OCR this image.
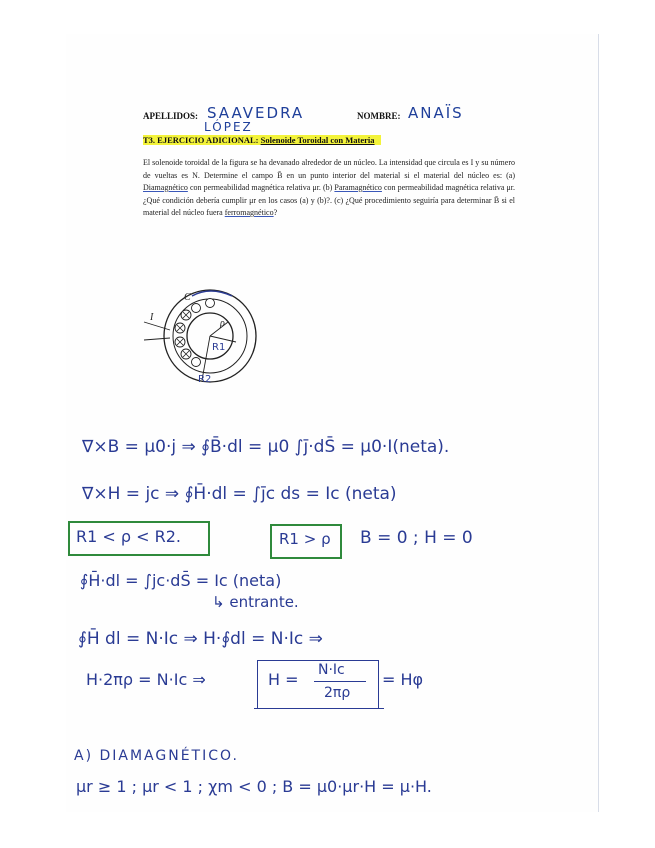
APELLIDOS: SAAVEDRA
LÓPEZ
NOMBRE: ANAÏS
T3. EJERCICIO ADICIONAL: Solenoide Toroidal con Materia
El solenoide toroidal de la figura se ha devanado alrededor de un núcleo. La intensidad que circula es I y su número de vueltas es N. Determine el campo B̄ en un punto interior del material si el material del núcleo es: (a) Diamagnético con permeabilidad magnética relativa μr. (b) Paramagnético con permeabilidad magnética relativa μr. ¿Qué condición debería cumplir μr en los casos (a) y (b)?. (c) ¿Qué procedimiento seguiría para determinar B̄ si el material del núcleo fuera ferromagnético?
I
C
ρ
R1
R2
∇×B = μ0·j ⇒ ∮B̄·dl = μ0 ∫j̄·dS̄ = μ0·I(neta).
∇×H = jc ⇒ ∮H̄·dl = ∫j̄c ds = Ic (neta)
R1 < ρ < R2.	R1 > ρ B = 0 ; H = 0
∮H̄·dl = ∫jc·dS̄ = Ic (neta)
↳ entrante.
∮H̄ dl = N·Ic ⇒ H·∮dl = N·Ic ⇒
H·2πρ = N·Ic ⇒	H = N·Ic
2πρ
= Hφ
A) DIAMAGNÉTICO.
μr ≥ 1 ; μr < 1 ; χm < 0 ; B = μ0·μr·H = μ·H.
